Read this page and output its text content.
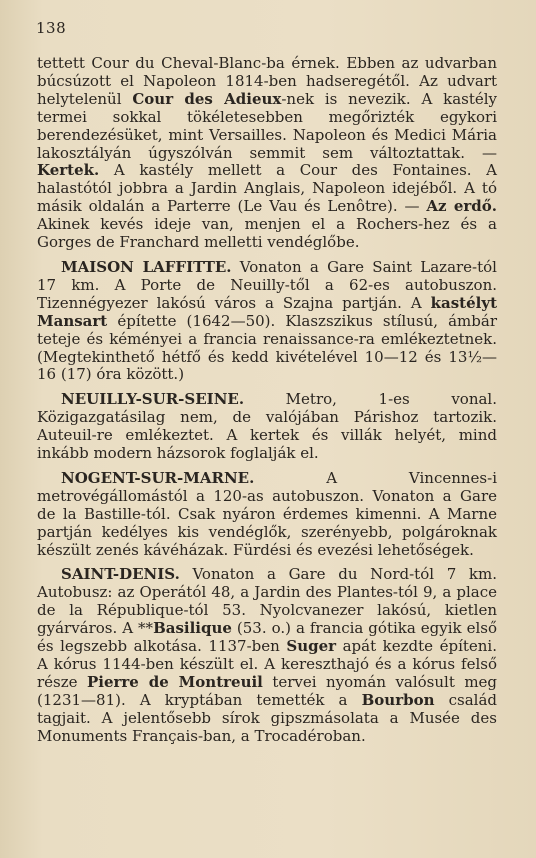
138

tettett Cour du Cheval-Blanc-ba érnek. Ebben az udvarban búcsúzott el Napoleon 1814-ben hadseregétől. Az udvart helytelenül Cour des Adieux-nek is nevezik. A kastély termei sokkal tökéletesebben megőrizték egykori berendezésüket, mint Versailles. Napoleon és Medici Mária lakosztályán úgyszólván semmit sem változtattak. — Kertek. A kastély mellett a Cour des Fontaines. A halastótól jobbra a Jardin Anglais, Napoleon idejéből. A tó másik oldalán a Parterre (Le Vau és Lenôtre). — Az erdő. Akinek kevés ideje van, menjen el a Rochers-hez és a Gorges de Franchard melletti vendéglőbe.

MAISON LAFFITTE. Vonaton a Gare Saint Lazare-tól 17 km. A Porte de Neuilly-től a 62-es autobuszon. Tizennégyezer lakósú város a Szajna partján. A kastélyt Mansart építette (1642—50). Klaszszikus stílusú, ámbár teteje és kéményei a francia renaissance-ra emlékeztetnek. (Megtekinthető hétfő és kedd kivételével 10—12 és 13½—16 (17) óra között.)

NEUILLY-SUR-SEINE. Metro, 1-es vonal. Közigazgatásilag nem, de valójában Párishoz tartozik. Auteuil-re emlékeztet. A kertek és villák helyét, mind inkább modern házsorok foglalják el.

NOGENT-SUR-MARNE. A Vincennes-i metrovégállomástól a 120-as autobuszon. Vonaton a Gare de la Bastille-tól. Csak nyáron érdemes kimenni. A Marne partján kedélyes kis vendéglők, szerényebb, polgároknak készült zenés kávéházak. Fürdési és evezési lehetőségek.

SAINT-DENIS. Vonaton a Gare du Nord-tól 7 km. Autobusz: az Operától 48, a Jardin des Plantes-tól 9, a place de la République-tól 53. Nyolcvanezer lakósú, kietlen gyárváros. A **Basilique (53. o.) a francia gótika egyik első és legszebb alkotása. 1137-ben Suger apát kezdte építeni. A kórus 1144-ben készült el. A kereszthajó és a kórus felső része Pierre de Montreuil tervei nyomán valósult meg (1231—81). A kryptában temették a Bourbon család tagjait. A jelentősebb sírok gipszmásolata a Musée des Monuments Français-ban, a Trocadéroban.
